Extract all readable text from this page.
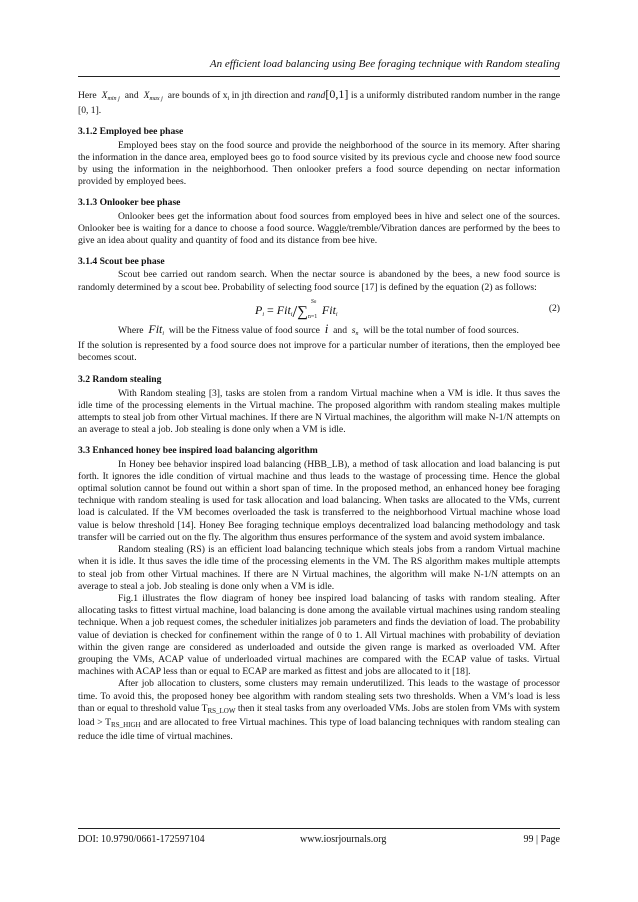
An efficient load balancing using Bee foraging technique with Random stealing

Here $X_{min j}$ and $X_{max j}$ are bounds of $x_i$ in jth direction and rand[0,1] is a uniformly distributed random number in the range [0, 1].

3.1.2 Employed bee phase

Employed bees stay on the food source and provide the neighborhood of the source in its memory. After sharing the information in the dance area, employed bees go to food source visited by its previous cycle and choose new food source by using the information in the neighborhood. Then onlooker prefers a food source depending on nectar information provided by employed bees.

3.1.3 Onlooker bee phase

Onlooker bees get the information about food sources from employed bees in hive and select one of the sources. Onlooker bee is waiting for a dance to choose a food source. Waggle/tremble/Vibration dances are performed by the bees to give an idea about quality and quantity of food and its distance from bee hive.

3.1.4 Scout bee phase

Scout bee carried out random search. When the nectar source is abandoned by the bees, a new food source is randomly determined by a scout bee. Probability of selecting food source [17] is defined by the equation (2) as follows:

$P_i = Fit_i/\sum$
Sn
n=1 Fit$_i$
(2)

Where Fit$_i$ will be the Fitness value of food source i and $s_n$ will be the total number of food sources.

If the solution is represented by a food source does not improve for a particular number of iterations, then the employed bee becomes scout.

3.2 Random stealing

With Random stealing [3], tasks are stolen from a random Virtual machine when a VM is idle. It thus saves the idle time of the processing elements in the Virtual machine. The proposed algorithm with random stealing makes multiple attempts to steal job from other Virtual machines. If there are N Virtual machines, the algorithm will make N-1/N attempts on an average to steal a job. Job stealing is done only when a VM is idle.

3.3 Enhanced honey bee inspired load balancing algorithm

In Honey bee behavior inspired load balancing (HBB_LB), a method of task allocation and load balancing is put forth. It ignores the idle condition of virtual machine and thus leads to the wastage of processing time. Hence the global optimal solution cannot be found out within a short span of time. In the proposed method, an enhanced honey bee foraging technique with random stealing is used for task allocation and load balancing. When tasks are allocated to the VMs, current load is calculated. If the VM becomes overloaded the task is transferred to the neighborhood Virtual machine whose load value is below threshold [14]. Honey Bee foraging technique employs decentralized load balancing methodology and task transfer will be carried out on the fly. The algorithm thus ensures performance of the system and avoid system imbalance.

Random stealing (RS) is an efficient load balancing technique which steals jobs from a random Virtual machine when it is idle. It thus saves the idle time of the processing elements in the VM. The RS algorithm makes multiple attempts to steal job from other Virtual machines. If there are N Virtual machines, the algorithm will make N-1/N attempts on an average to steal a job. Job stealing is done only when a VM is idle.

Fig.1 illustrates the flow diagram of honey bee inspired load balancing of tasks with random stealing. After allocating tasks to fittest virtual machine, load balancing is done among the available virtual machines using random stealing technique. When a job request comes, the scheduler initializes job parameters and finds the deviation of load. The probability value of deviation is checked for confinement within the range of 0 to 1. All Virtual machines with probability of deviation within the given range are considered as underloaded and outside the given range is marked as overloaded VM. After grouping the VMs, ACAP value of underloaded virtual machines are compared with the ECAP value of tasks. Virtual machines with ACAP less than or equal to ECAP are marked as fittest and jobs are allocated to it [18].

After job allocation to clusters, some clusters may remain underutilized. This leads to the wastage of processor time. To avoid this, the proposed honey bee algorithm with random stealing sets two thresholds. When a VM’s load is less than or equal to threshold value $T_{RS\_LOW}$ then it steal tasks from any overloaded VMs. Jobs are stolen from VMs with system load > $T_{RS\_HIGH}$ and are allocated to free Virtual machines. This type of load balancing techniques with random stealing can reduce the idle time of virtual machines.

DOI: 10.9790/0661-172597104	www.iosrjournals.org	99 | Page
